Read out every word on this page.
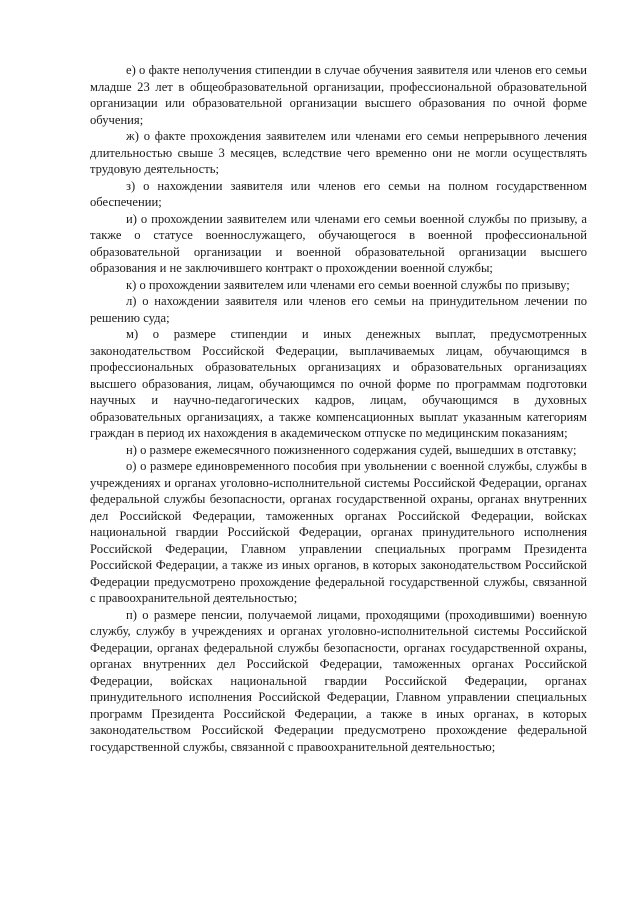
е) о факте неполучения стипендии в случае обучения заявителя или членов его семьи младше 23 лет в общеобразовательной организации, профессиональной образовательной организации или образовательной организации высшего образования по очной форме обучения;

ж) о факте прохождения заявителем или членами его семьи непрерывного лечения длительностью свыше 3 месяцев, вследствие чего временно они не могли осуществлять трудовую деятельность;

з) о нахождении заявителя или членов его семьи на полном государственном обеспечении;

и) о прохождении заявителем или членами его семьи военной службы по призыву, а также о статусе военнослужащего, обучающегося в военной профессиональной образовательной организации и военной образовательной организации высшего образования и не заключившего контракт о прохождении военной службы;

к) о прохождении заявителем или членами его семьи военной службы по призыву;

л) о нахождении заявителя или членов его семьи на принудительном лечении по решению суда;

м) о размере стипендии и иных денежных выплат, предусмотренных законодательством Российской Федерации, выплачиваемых лицам, обучающимся в профессиональных образовательных организациях и образовательных организациях высшего образования, лицам, обучающимся по очной форме по программам подготовки научных и научно-педагогических кадров, лицам, обучающимся в духовных образовательных организациях, а также компенсационных выплат указанным категориям граждан в период их нахождения в академическом отпуске по медицинским показаниям;

н) о размере ежемесячного пожизненного содержания судей, вышедших в отставку;

о) о размере единовременного пособия при увольнении с военной службы, службы в учреждениях и органах уголовно-исполнительной системы Российской Федерации, органах федеральной службы безопасности, органах государственной охраны, органах внутренних дел Российской Федерации, таможенных органах Российской Федерации, войсках национальной гвардии Российской Федерации, органах принудительного исполнения Российской Федерации, Главном управлении специальных программ Президента Российской Федерации, а также из иных органов, в которых законодательством Российской Федерации предусмотрено прохождение федеральной государственной службы, связанной с правоохранительной деятельностью;

п) о размере пенсии, получаемой лицами, проходящими (проходившими) военную службу, службу в учреждениях и органах уголовно-исполнительной системы Российской Федерации, органах федеральной службы безопасности, органах государственной охраны, органах внутренних дел Российской Федерации, таможенных органах Российской Федерации, войсках национальной гвардии Российской Федерации, органах принудительного исполнения Российской Федерации, Главном управлении специальных программ Президента Российской Федерации, а также в иных органах, в которых законодательством Российской Федерации предусмотрено прохождение федеральной государственной службы, связанной с правоохранительной деятельностью;
